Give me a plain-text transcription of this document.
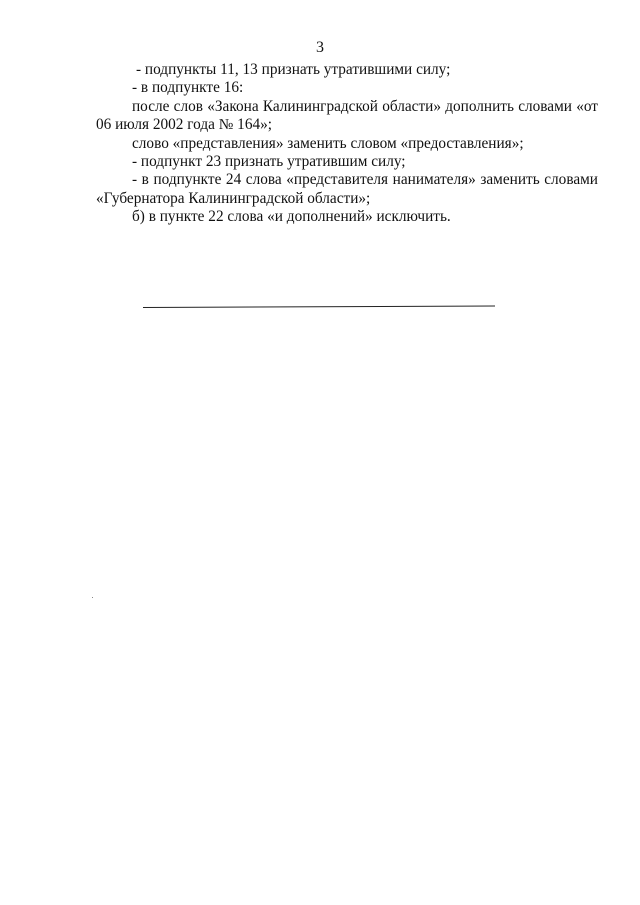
3

- подпункты 11, 13 признать утратившими силу;

- в подпункте 16:

после слов «Закона Калининградской области» дополнить словами «от 06 июля 2002 года № 164»;

слово «представления» заменить словом «предоставления»;

- подпункт 23 признать утратившим силу;

- в подпункте 24 слова «представителя нанимателя» заменить словами «Губернатора Калининградской области»;

б) в пункте 22 слова «и дополнений» исключить.
